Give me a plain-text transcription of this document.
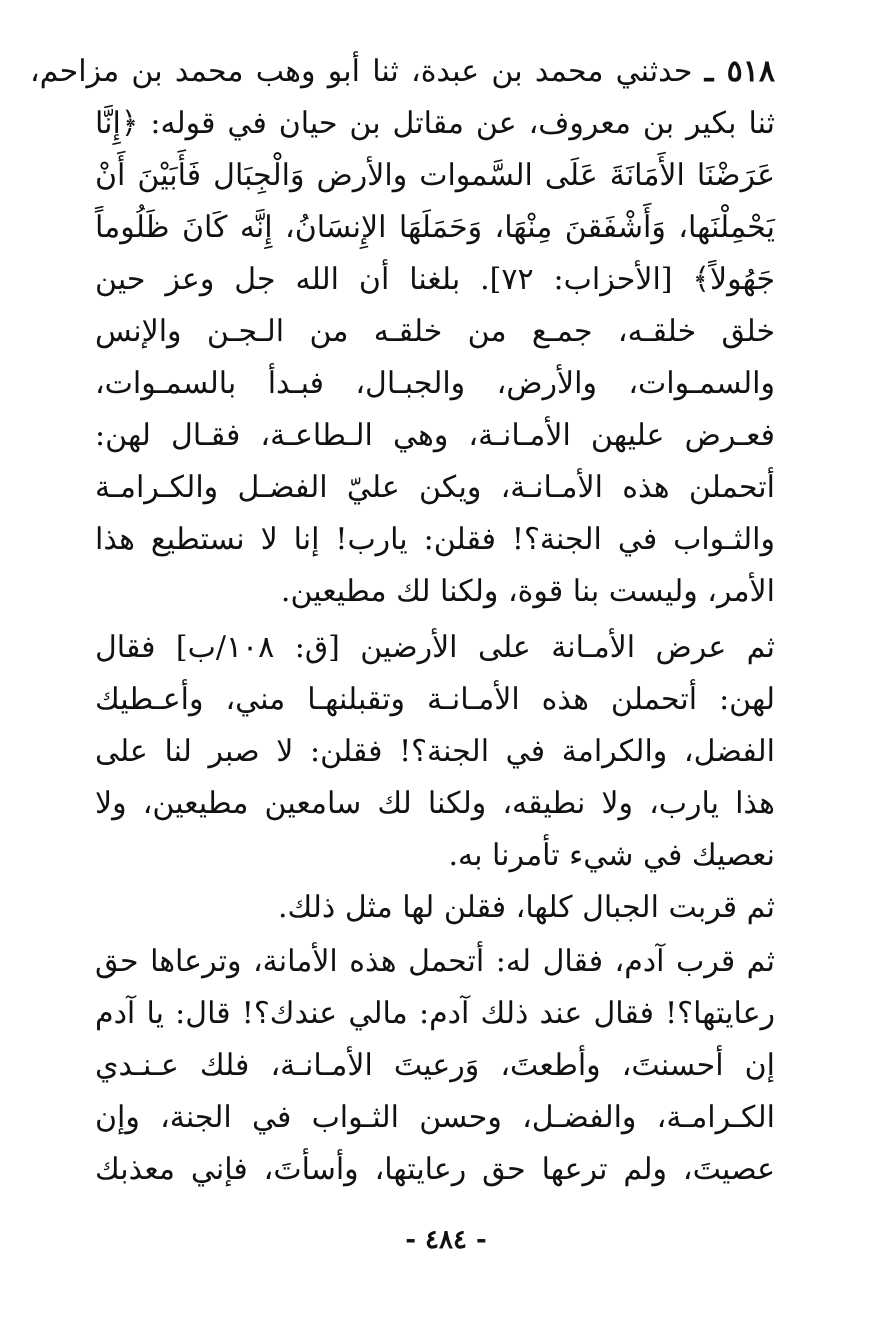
٥١٨ ـ حدثني محمد بن عبدة، ثنا أبو وهب محمد بن مزاحم،
ثنا بكير بن معروف، عن مقاتل بن حيان في قوله: ﴿إِنَّا
عَرَضْنَا الأَمَانَةَ عَلَى السَّموات والأرض وَالْجِبَال فَأَبَيْنَ أَنْ
يَحْمِلْنَها، وَأَشْفَقنَ مِنْهَا، وَحَمَلَهَا الإِنسَانُ، إِنَّه كَانَ ظَلُوماً
جَهُولاً﴾ [الأحزاب: ٧٢]. بلغنا أن الله جل وعز حين
خلق خلقـه، جمـع من خلقـه من الـجـن والإنس
والسمـوات، والأرض، والجبـال، فبـدأ بالسمـوات،
فعـرض عليهن الأمـانـة، وهي الـطاعـة، فقـال لهن:
أتحملن هذه الأمـانـة، ويكن عليّ الفضـل والكـرامـة
والثـواب في الجنة؟! فقلن: يارب! إنا لا نستطيع هذا
الأمر، وليست بنا قوة، ولكنا لك مطيعين.
ثم عرض الأمـانة على الأرضين [ق: ١٠٨/ب] فقال
لهن: أتحملن هذه الأمـانـة وتقبلنهـا مني، وأعـطيك
الفضل، والكرامة في الجنة؟! فقلن: لا صبر لنا على
هذا يارب، ولا نطيقه، ولكنا لك سامعين مطيعين، ولا
نعصيك في شيء تأمرنا به.
ثم قربت الجبال كلها، فقلن لها مثل ذلك.
ثم قرب آدم، فقال له: أتحمل هذه الأمانة، وترعاها حق
رعايتها؟! فقال عند ذلك آدم: مالي عندك؟! قال: يا آدم
إن أحسنتَ، وأطعتَ، وَرعيتَ الأمـانـة، فلك عـنـدي
الكـرامـة، والفضـل، وحسن الثـواب في الجنة، وإن
عصيتَ، ولم ترعها حق رعايتها، وأسأتَ، فإني معذبك
- ٤٨٤ -
